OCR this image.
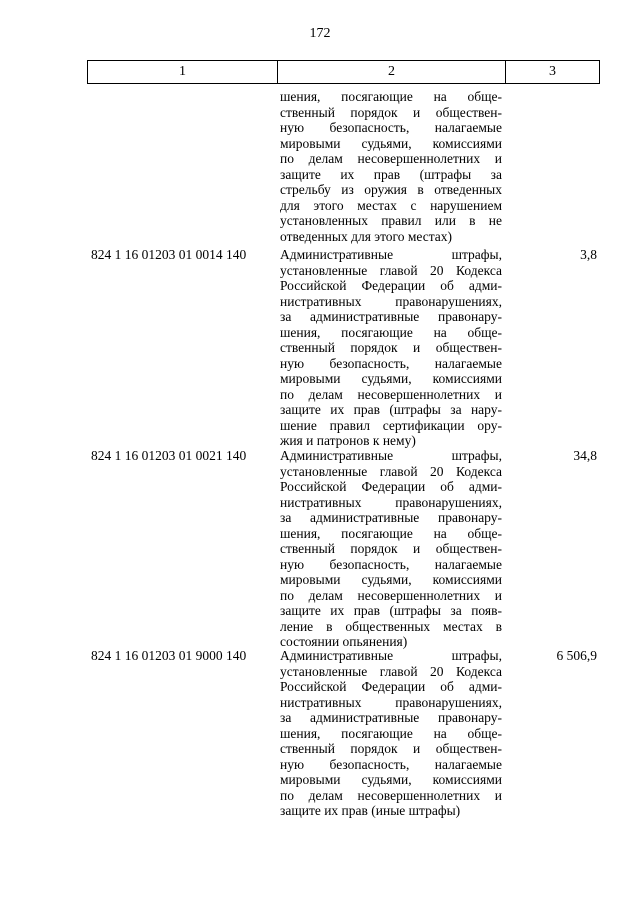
172
1	2	3
шения, посягающие на обще-
ственный порядок и обществен-
ную безопасность, налагаемые
мировыми судьями, комиссиями
по делам несовершеннолетних и
защите их прав (штрафы за
стрельбу из оружия в отведенных
для этого местах с нарушением
установленных правил или в не
отведенных для этого местах)
824 1 16 01203 01 0014 140	Административные штрафы,
установленные главой 20 Кодекса
Российской Федерации об адми-
нистративных правонарушениях,
за административные правонару-
шения, посягающие на обще-
ственный порядок и обществен-
ную безопасность, налагаемые
мировыми судьями, комиссиями
по делам несовершеннолетних и
защите их прав (штрафы за нару-
шение правил сертификации ору-
жия и патронов к нему)
3,8
824 1 16 01203 01 0021 140	Административные штрафы,
установленные главой 20 Кодекса
Российской Федерации об адми-
нистративных правонарушениях,
за административные правонару-
шения, посягающие на обще-
ственный порядок и обществен-
ную безопасность, налагаемые
мировыми судьями, комиссиями
по делам несовершеннолетних и
защите их прав (штрафы за появ-
ление в общественных местах в
состоянии опьянения)
34,8
824 1 16 01203 01 9000 140	Административные штрафы,
установленные главой 20 Кодекса
Российской Федерации об адми-
нистративных правонарушениях,
за административные правонару-
шения, посягающие на обще-
ственный порядок и обществен-
ную безопасность, налагаемые
мировыми судьями, комиссиями
по делам несовершеннолетних и
защите их прав (иные штрафы)
6 506,9
